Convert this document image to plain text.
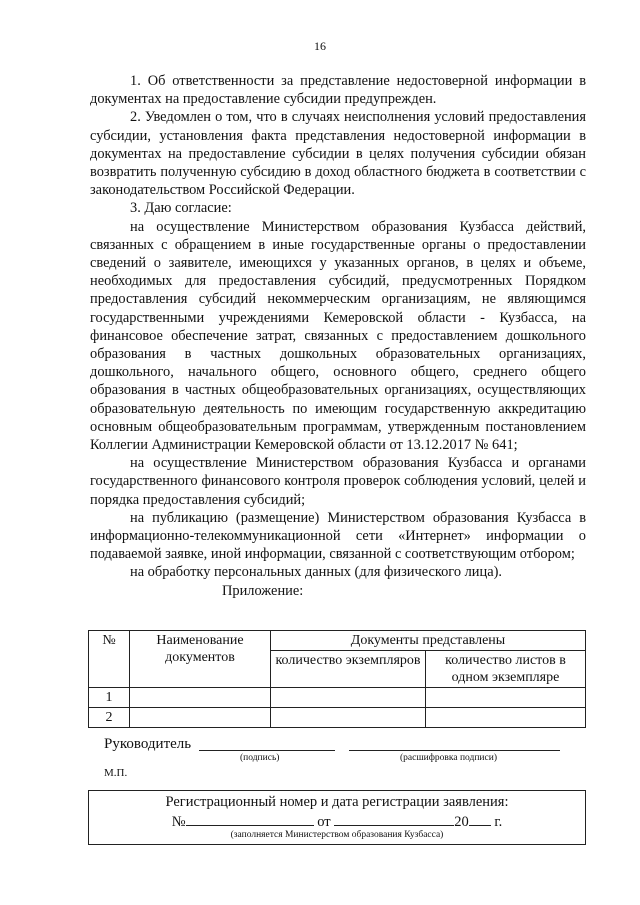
16

1. Об ответственности за представление недостоверной информации в документах на предоставление субсидии предупрежден.

2. Уведомлен о том, что в случаях неисполнения условий предоставления субсидии, установления факта представления недостоверной информации в документах на предоставление субсидии в целях получения субсидии обязан возвратить полученную субсидию в доход областного бюджета в соответствии с законодательством Российской Федерации.

3. Даю согласие:

на осуществление Министерством образования Кузбасса действий, связанных с обращением в иные государственные органы о предоставлении сведений о заявителе, имеющихся у указанных органов, в целях и объеме, необходимых для предоставления субсидий, предусмотренных Порядком предоставления субсидий некоммерческим организациям, не являющимся государственными учреждениями Кемеровской области - Кузбасса, на финансовое обеспечение затрат, связанных с предоставлением дошкольного образования в частных дошкольных образовательных организациях, дошкольного, начального общего, основного общего, среднего общего образования в частных общеобразовательных организациях, осуществляющих образовательную деятельность по имеющим государственную аккредитацию основным общеобразовательным программам, утвержденным постановлением Коллегии Администрации Кемеровской области от 13.12.2017 № 641;

на осуществление Министерством образования Кузбасса и органами государственного финансового контроля проверок соблюдения условий, целей и порядка предоставления субсидий;

на публикацию (размещение) Министерством образования Кузбасса в информационно-телекоммуникационной сети «Интернет» информации о подаваемой заявке, иной информации, связанной с соответствующим отбором;

на обработку персональных данных (для физического лица).

Приложение:

№	Наименование документов	Документы представлены	
		количество экземпляров	количество листов в одном экземпляре
1			
2			
Руководитель
(подпись)	(расшифровка подписи)
М.П.
Регистрационный номер и дата регистрации заявления:
№	от	20 г.
(заполняется Министерством образования Кузбасса)
